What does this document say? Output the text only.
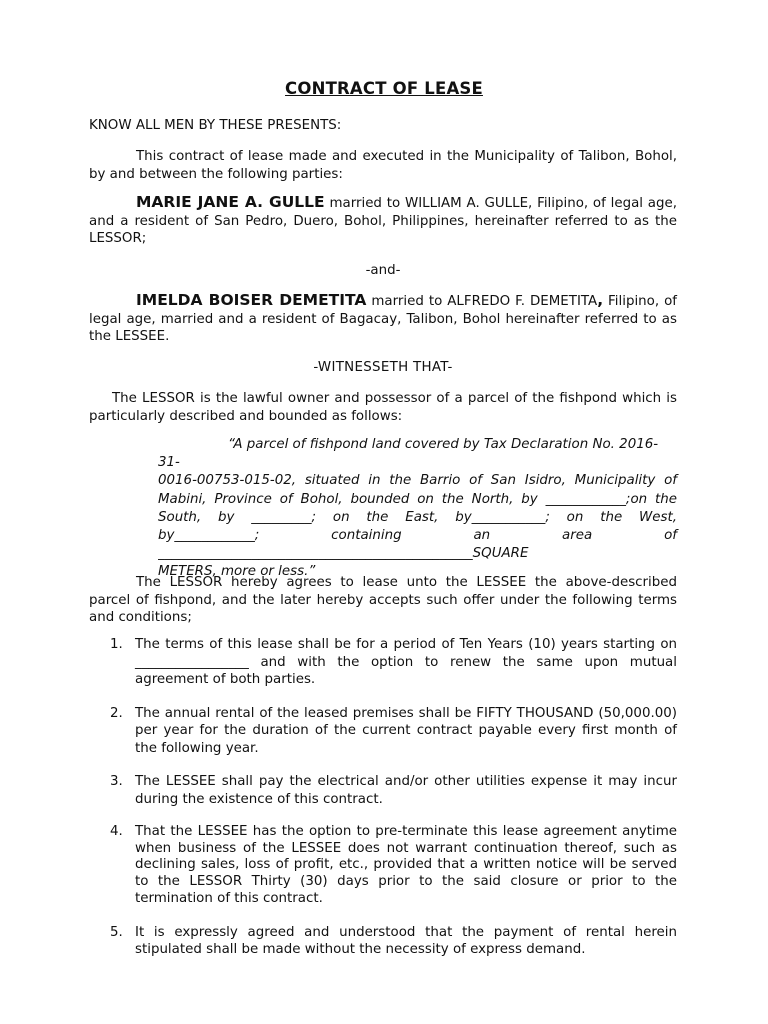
CONTRACT OF LEASE
KNOW ALL MEN BY THESE PRESENTS:
This contract of lease made and executed in the Municipality of Talibon, Bohol, by and between the following parties:
MARIE JANE A. GULLE married to WILLIAM A. GULLE, Filipino, of legal age, and a resident of San Pedro, Duero, Bohol, Philippines, hereinafter referred to as the LESSOR;
-and-
IMELDA BOISER DEMETITA married to ALFREDO F. DEMETITA, Filipino, of legal age, married and a resident of Bagacay, Talibon, Bohol hereinafter referred to as the LESSEE.
-WITNESSETH THAT-
The LESSOR is the lawful owner and possessor of a parcel of the fishpond which is particularly described and bounded as follows:
“A parcel of fishpond land covered by Tax Declaration No. 2016-31-
0016-00753-015-02, situated in the Barrio of San Isidro, Municipality of Mabini, Province of Bohol, bounded on the North, by ____________;on the South, by _________; on the East, by___________; on the West,
by____________;	containing	an	area	of
_______________________________________________SQUARE
METERS, more or less.”
The LESSOR hereby agrees to lease unto the LESSEE the above-described parcel of fishpond, and the later hereby accepts such offer under the following terms and conditions;
1. The terms of this lease shall be for a period of Ten Years (10) years starting on _________________ and with the option to renew the same upon mutual agreement of both parties.
2. The annual rental of the leased premises shall be FIFTY THOUSAND (50,000.00) per year for the duration of the current contract payable every first month of the following year.
3. The LESSEE shall pay the electrical and/or other utilities expense it may incur during the existence of this contract.
4. That the LESSEE has the option to pre-terminate this lease agreement anytime when business of the LESSEE does not warrant continuation thereof, such as declining sales, loss of profit, etc., provided that a written notice will be served to the LESSOR Thirty (30) days prior to the said closure or prior to the termination of this contract.
5. It is expressly agreed and understood that the payment of rental herein stipulated shall be made without the necessity of express demand.
